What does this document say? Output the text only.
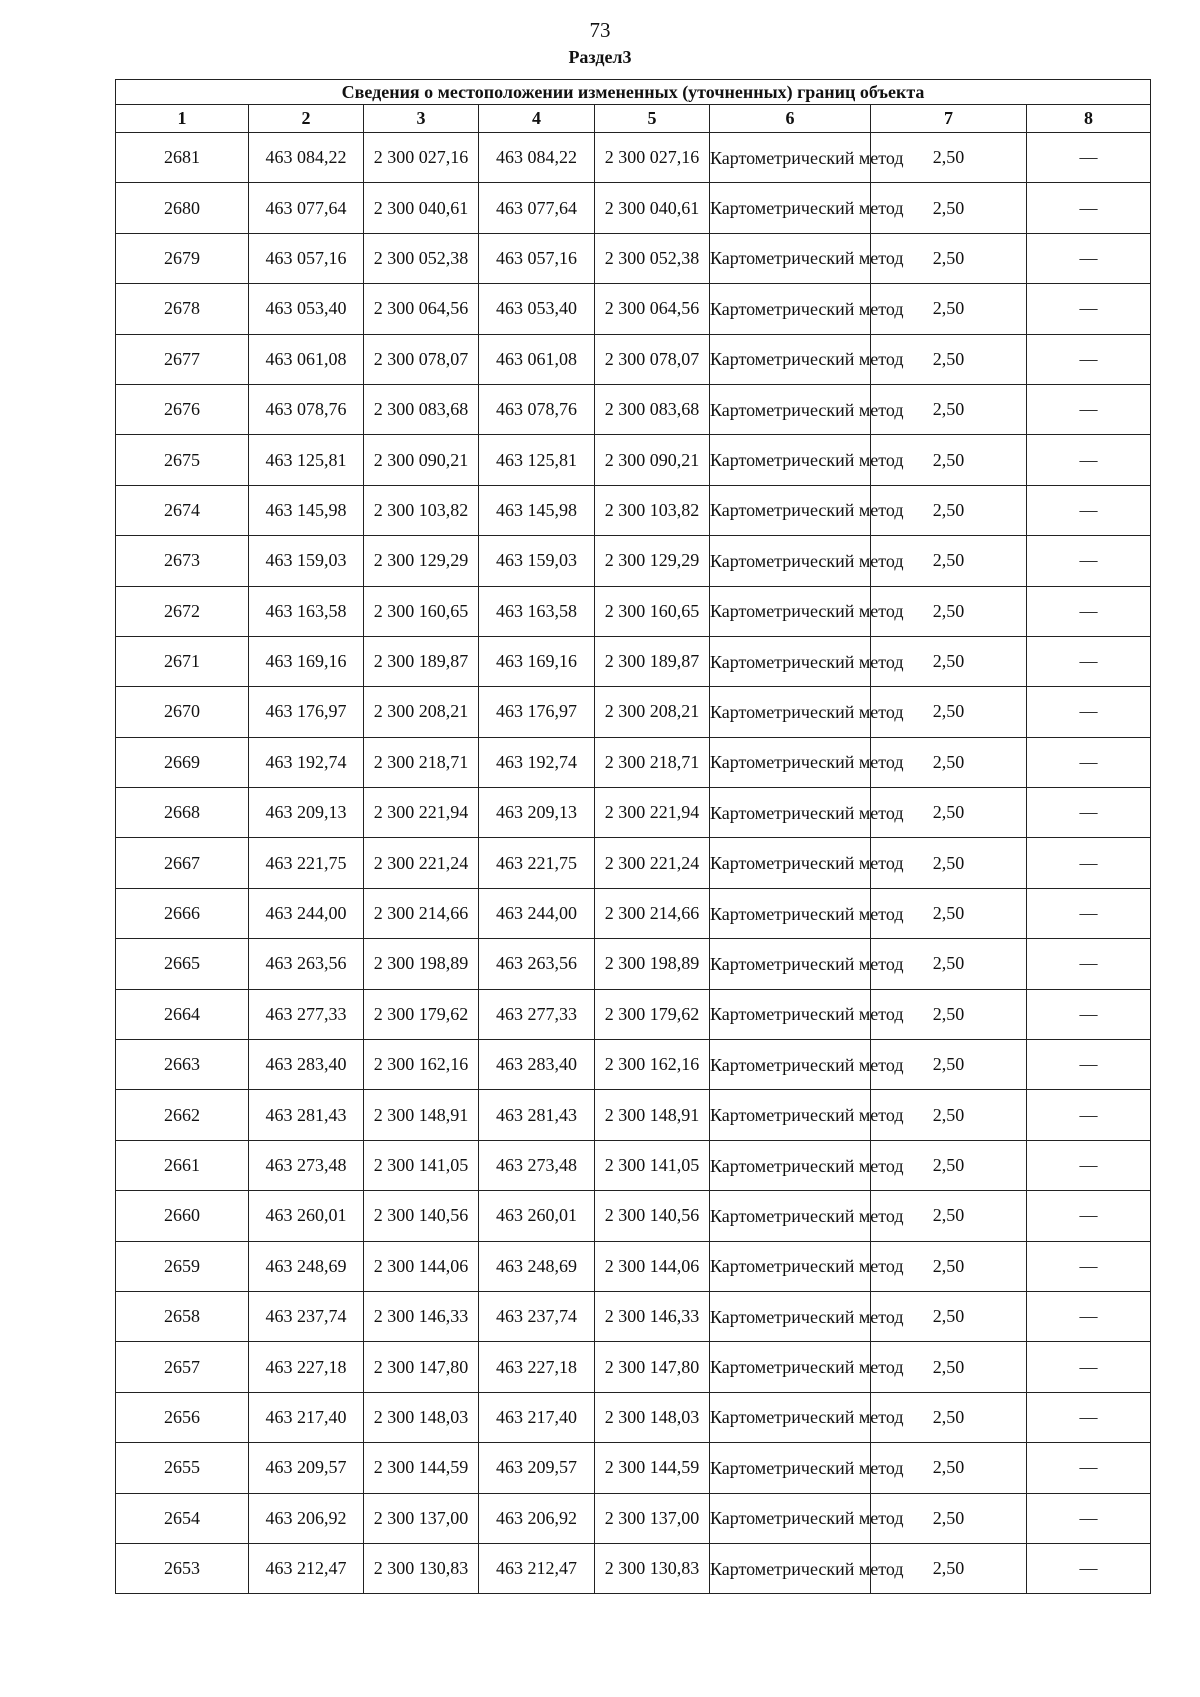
73
Раздел3
Сведения о местоположении измененных (уточненных) границ объекта							
1	2	3	4	5	6	7	8
2681	463 084,22	2 300 027,16	463 084,22	2 300 027,16	Картометрический метод	2,50	—
2680	463 077,64	2 300 040,61	463 077,64	2 300 040,61	Картометрический метод	2,50	—
2679	463 057,16	2 300 052,38	463 057,16	2 300 052,38	Картометрический метод	2,50	—
2678	463 053,40	2 300 064,56	463 053,40	2 300 064,56	Картометрический метод	2,50	—
2677	463 061,08	2 300 078,07	463 061,08	2 300 078,07	Картометрический метод	2,50	—
2676	463 078,76	2 300 083,68	463 078,76	2 300 083,68	Картометрический метод	2,50	—
2675	463 125,81	2 300 090,21	463 125,81	2 300 090,21	Картометрический метод	2,50	—
2674	463 145,98	2 300 103,82	463 145,98	2 300 103,82	Картометрический метод	2,50	—
2673	463 159,03	2 300 129,29	463 159,03	2 300 129,29	Картометрический метод	2,50	—
2672	463 163,58	2 300 160,65	463 163,58	2 300 160,65	Картометрический метод	2,50	—
2671	463 169,16	2 300 189,87	463 169,16	2 300 189,87	Картометрический метод	2,50	—
2670	463 176,97	2 300 208,21	463 176,97	2 300 208,21	Картометрический метод	2,50	—
2669	463 192,74	2 300 218,71	463 192,74	2 300 218,71	Картометрический метод	2,50	—
2668	463 209,13	2 300 221,94	463 209,13	2 300 221,94	Картометрический метод	2,50	—
2667	463 221,75	2 300 221,24	463 221,75	2 300 221,24	Картометрический метод	2,50	—
2666	463 244,00	2 300 214,66	463 244,00	2 300 214,66	Картометрический метод	2,50	—
2665	463 263,56	2 300 198,89	463 263,56	2 300 198,89	Картометрический метод	2,50	—
2664	463 277,33	2 300 179,62	463 277,33	2 300 179,62	Картометрический метод	2,50	—
2663	463 283,40	2 300 162,16	463 283,40	2 300 162,16	Картометрический метод	2,50	—
2662	463 281,43	2 300 148,91	463 281,43	2 300 148,91	Картометрический метод	2,50	—
2661	463 273,48	2 300 141,05	463 273,48	2 300 141,05	Картометрический метод	2,50	—
2660	463 260,01	2 300 140,56	463 260,01	2 300 140,56	Картометрический метод	2,50	—
2659	463 248,69	2 300 144,06	463 248,69	2 300 144,06	Картометрический метод	2,50	—
2658	463 237,74	2 300 146,33	463 237,74	2 300 146,33	Картометрический метод	2,50	—
2657	463 227,18	2 300 147,80	463 227,18	2 300 147,80	Картометрический метод	2,50	—
2656	463 217,40	2 300 148,03	463 217,40	2 300 148,03	Картометрический метод	2,50	—
2655	463 209,57	2 300 144,59	463 209,57	2 300 144,59	Картометрический метод	2,50	—
2654	463 206,92	2 300 137,00	463 206,92	2 300 137,00	Картометрический метод	2,50	—
2653	463 212,47	2 300 130,83	463 212,47	2 300 130,83	Картометрический метод	2,50	—
